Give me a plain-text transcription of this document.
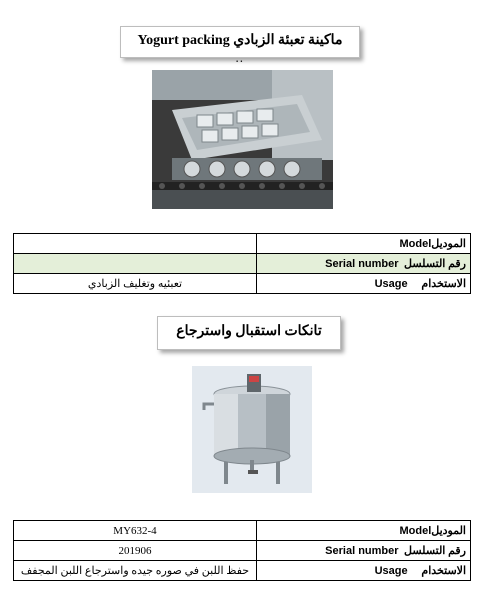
ماكينة تعبئة الزبادي Yogurt packing
..
	الموديلModel
	رقم التسلسل  Serial number
تعبئيه وتغليف الزبادي	الاستخدام     Usage
تانكات استقبال واسترجاع
MY632-4	الموديلModel
201906	رقم التسلسل  Serial number
حفظ اللبن في صوره جيده واسترجاع اللبن المجفف	الاستخدام     Usage
